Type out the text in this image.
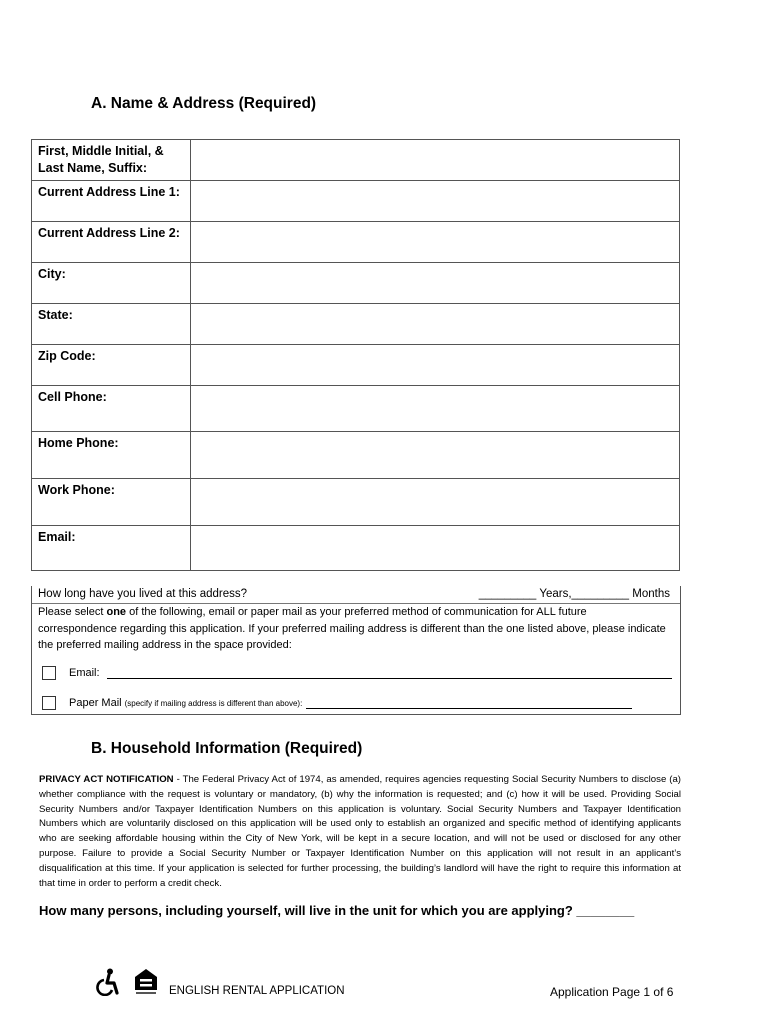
A. Name & Address (Required)
First, Middle Initial, & Last Name, Suffix:	
Current Address Line 1:	
Current Address Line 2:	
City:	
State:	
Zip Code:	
Cell Phone:	
Home Phone:	
Work Phone:	
Email:	
How long have you lived at this address?	_________ Years,_________ Months
Please select one of the following, email or paper mail as your preferred method of communication for ALL future correspondence regarding this application. If your preferred mailing address is different than the one listed above, please indicate the preferred mailing address in the space provided:
Email:
Paper Mail (specify if mailing address is different than above):
B. Household Information (Required)
PRIVACY ACT NOTIFICATION - The Federal Privacy Act of 1974, as amended, requires agencies requesting Social Security Numbers to disclose (a) whether compliance with the request is voluntary or mandatory, (b) why the information is requested; and (c) how it will be used. Providing Social Security Numbers and/or Taxpayer Identification Numbers on this application is voluntary. Social Security Numbers and Taxpayer Identification Numbers which are voluntarily disclosed on this application will be used only to establish an organized and specific method of identifying applicants who are seeking affordable housing within the City of New York, will be kept in a secure location, and will not be used or disclosed for any other purpose. Failure to provide a Social Security Number or Taxpayer Identification Number on this application will not result in an applicant’s disqualification at this time. If your application is selected for further processing, the building’s landlord will have the right to require this information at that time in order to perform a credit check.
How many persons, including yourself, will live in the unit for which you are applying? ________
ENGLISH RENTAL APPLICATION	Application Page 1 of 6
